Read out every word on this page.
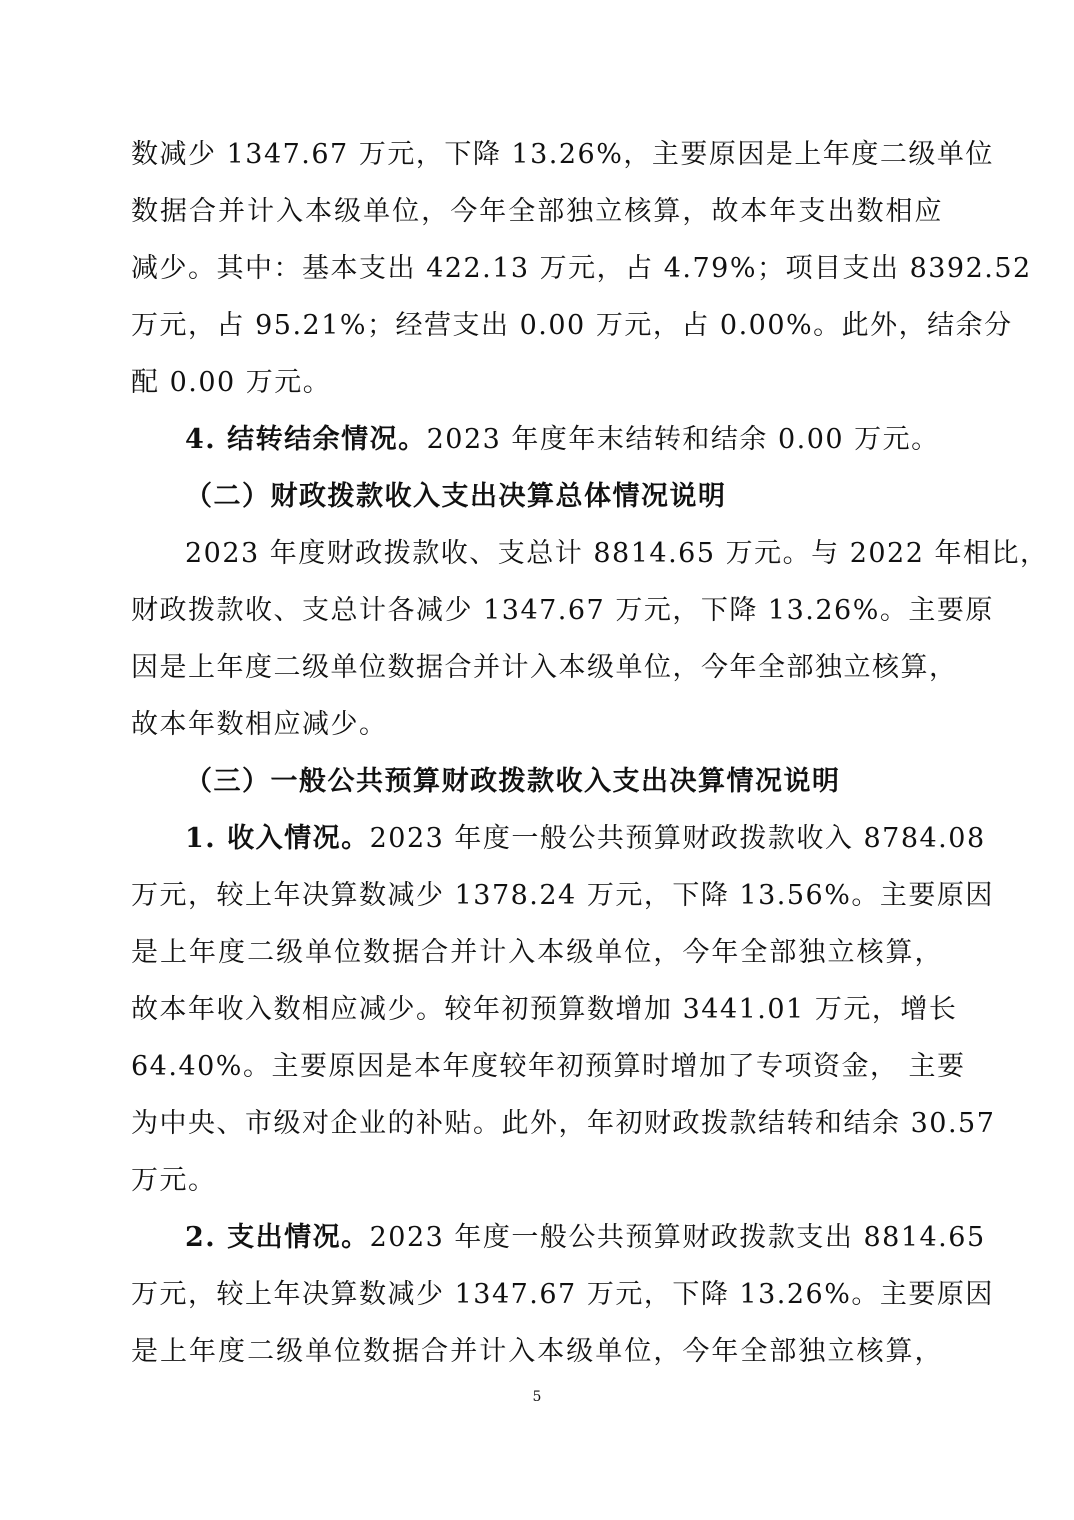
数减少 1347.67 万元，下降 13.26%，主要原因是上年度二级单位
数据合并计入本级单位，今年全部独立核算，故本年支出数相应
减少。其中：基本支出 422.13 万元，占 4.79%；项目支出 8392.52
万元，占 95.21%；经营支出 0.00 万元，占 0.00%。此外，结余分
配 0.00 万元。
4. 结转结余情况。2023 年度年末结转和结余 0.00 万元。
（二）财政拨款收入支出决算总体情况说明
2023 年度财政拨款收、支总计 8814.65 万元。与 2022 年相比，
财政拨款收、支总计各减少 1347.67 万元，下降 13.26%。主要原
因是上年度二级单位数据合并计入本级单位，今年全部独立核算，
故本年数相应减少。
（三）一般公共预算财政拨款收入支出决算情况说明
1. 收入情况。2023 年度一般公共预算财政拨款收入 8784.08
万元，较上年决算数减少 1378.24 万元，下降 13.56%。主要原因
是上年度二级单位数据合并计入本级单位，今年全部独立核算，
故本年收入数相应减少。较年初预算数增加 3441.01 万元，增长
64.40%。主要原因是本年度较年初预算时增加了专项资金， 主要
为中央、市级对企业的补贴。此外，年初财政拨款结转和结余 30.57
万元。
2. 支出情况。2023 年度一般公共预算财政拨款支出 8814.65
万元，较上年决算数减少 1347.67 万元，下降 13.26%。主要原因
是上年度二级单位数据合并计入本级单位，今年全部独立核算，
5
